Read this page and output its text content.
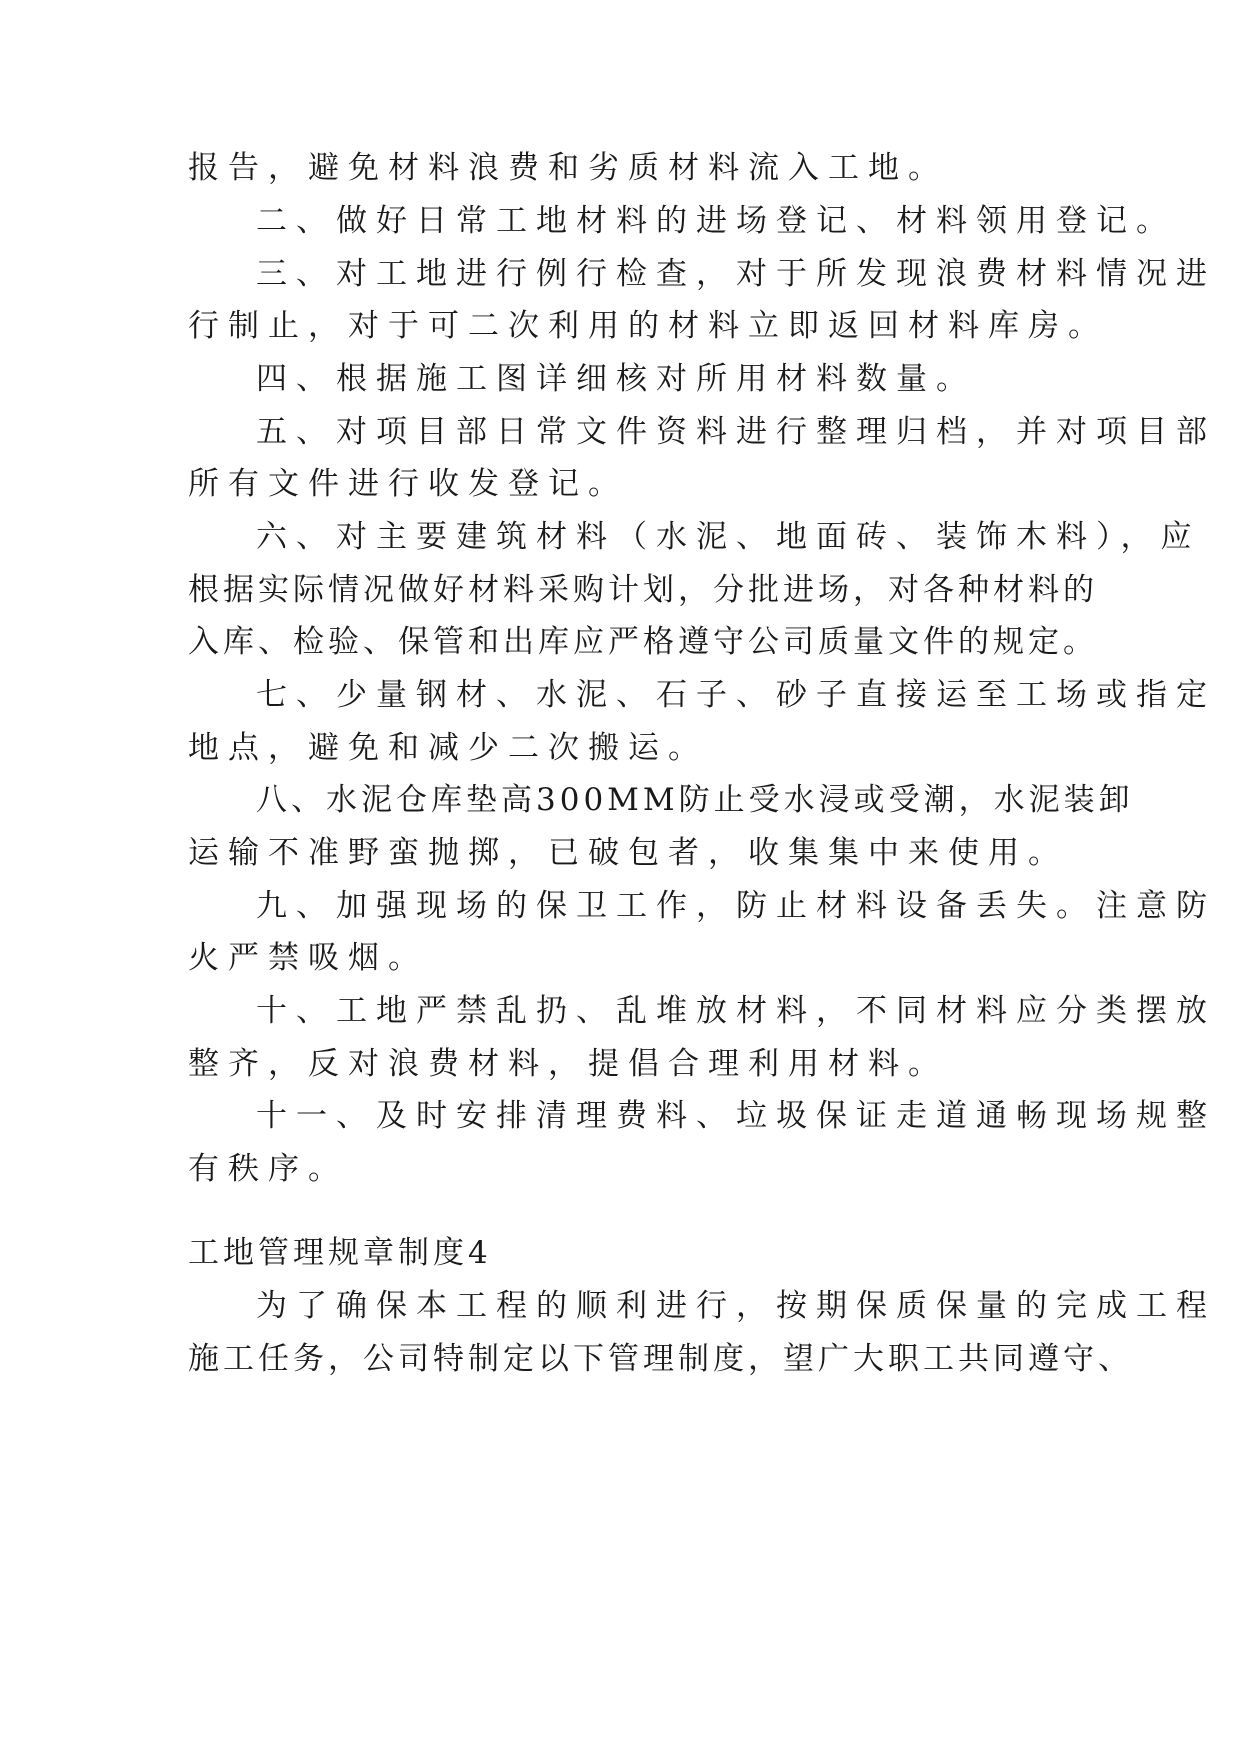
报告，避免材料浪费和劣质材料流入工地。
二、做好日常工地材料的进场登记、材料领用登记。
三、对工地进行例行检查，对于所发现浪费材料情况进
行制止，对于可二次利用的材料立即返回材料库房。
四、根据施工图详细核对所用材料数量。
五、对项目部日常文件资料进行整理归档，并对项目部
所有文件进行收发登记。
六、对主要建筑材料（水泥、地面砖、装饰木料），应
根据实际情况做好材料采购计划，分批进场，对各种材料的
入库、检验、保管和出库应严格遵守公司质量文件的规定。
七、少量钢材、水泥、石子、砂子直接运至工场或指定
地点，避免和减少二次搬运。
八、水泥仓库垫高300MM防止受水浸或受潮，水泥装卸
运输不准野蛮抛掷，已破包者，收集集中来使用。
九、加强现场的保卫工作，防止材料设备丢失。注意防
火严禁吸烟。
十、工地严禁乱扔、乱堆放材料，不同材料应分类摆放
整齐，反对浪费材料，提倡合理利用材料。
十一、及时安排清理费料、垃圾保证走道通畅现场规整
有秩序。
工地管理规章制度4
为了确保本工程的顺利进行，按期保质保量的完成工程
施工任务，公司特制定以下管理制度，望广大职工共同遵守、
